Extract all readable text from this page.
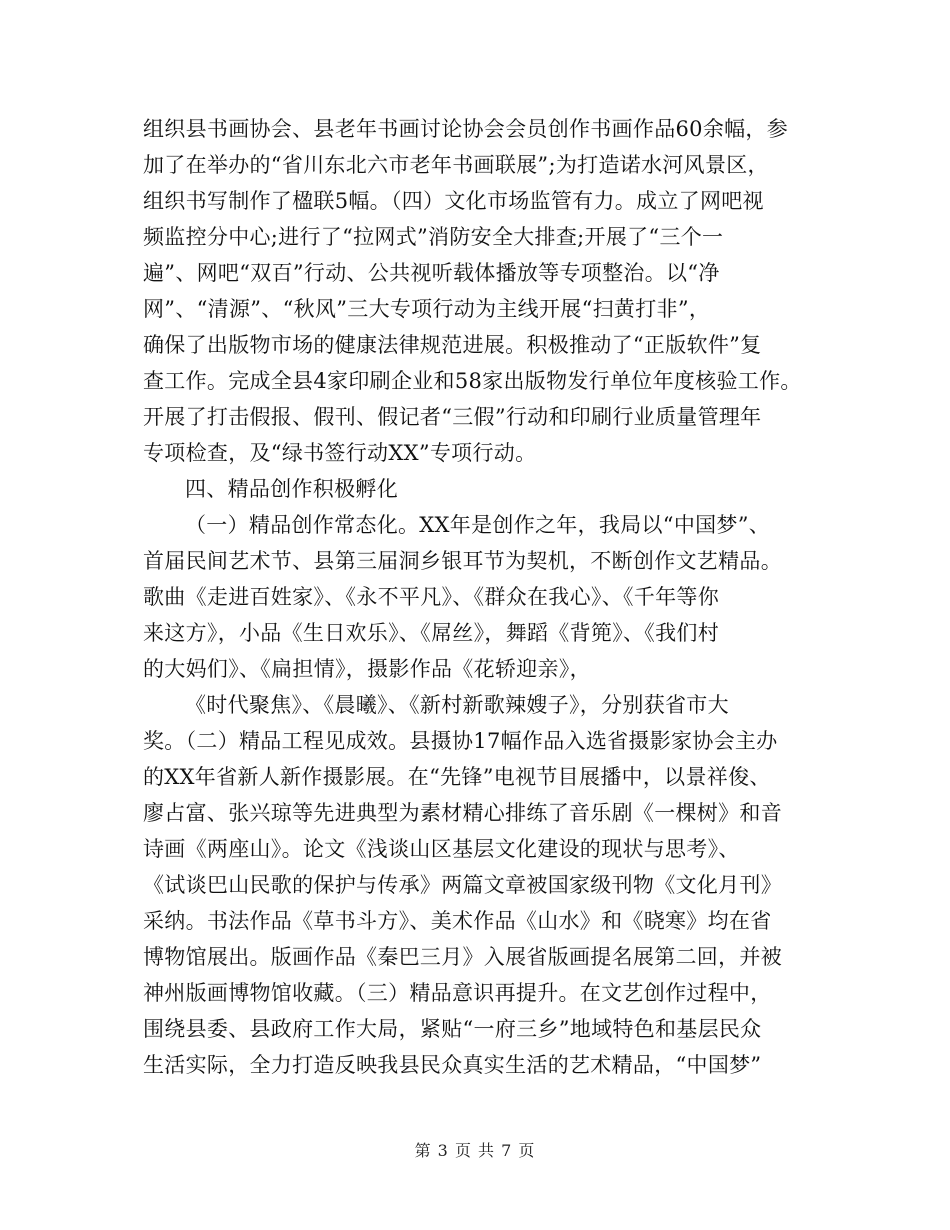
组织县书画协会、县老年书画讨论协会会员创作书画作品60余幅，参
加了在举办的“省川东北六市老年书画联展”;为打造诺水河风景区，
组织书写制作了楹联5幅。（四）文化市场监管有力。成立了网吧视
频监控分中心;进行了“拉网式”消防安全大排查;开展了“三个一
遍”、网吧“双百”行动、公共视听载体播放等专项整治。以“净
网”、“清源”、“秋风”三大专项行动为主线开展“扫黄打非”，
确保了出版物市场的健康法律规范进展。积极推动了“正版软件”复
查工作。完成全县4家印刷企业和58家出版物发行单位年度核验工作。
开展了打击假报、假刊、假记者“三假”行动和印刷行业质量管理年
专项检查，及“绿书签行动XX”专项行动。
四、精品创作积极孵化
（一）精品创作常态化。XX年是创作之年，我局以“中国梦”、
首届民间艺术节、县第三届洞乡银耳节为契机，不断创作文艺精品。
歌曲《走进百姓家》、《永不平凡》、《群众在我心》、《千年等你
来这方》，小品《生日欢乐》、《屌丝》，舞蹈《背篼》、《我们村
的大妈们》、《扁担情》，摄影作品《花轿迎亲》，
《时代聚焦》、《晨曦》、《新村新歌辣嫂子》，分别获省市大
奖。（二）精品工程见成效。县摄协17幅作品入选省摄影家协会主办
的XX年省新人新作摄影展。在“先锋”电视节目展播中，以景祥俊、
廖占富、张兴琼等先进典型为素材精心排练了音乐剧《一棵树》和音
诗画《两座山》。论文《浅谈山区基层文化建设的现状与思考》、
《试谈巴山民歌的保护与传承》两篇文章被国家级刊物《文化月刊》
采纳。书法作品《草书斗方》、美术作品《山水》和《晓寒》均在省
博物馆展出。版画作品《秦巴三月》入展省版画提名展第二回，并被
神州版画博物馆收藏。（三）精品意识再提升。在文艺创作过程中，
围绕县委、县政府工作大局，紧贴“一府三乡”地域特色和基层民众
生活实际，全力打造反映我县民众真实生活的艺术精品，“中国梦”
第 3 页 共 7 页
